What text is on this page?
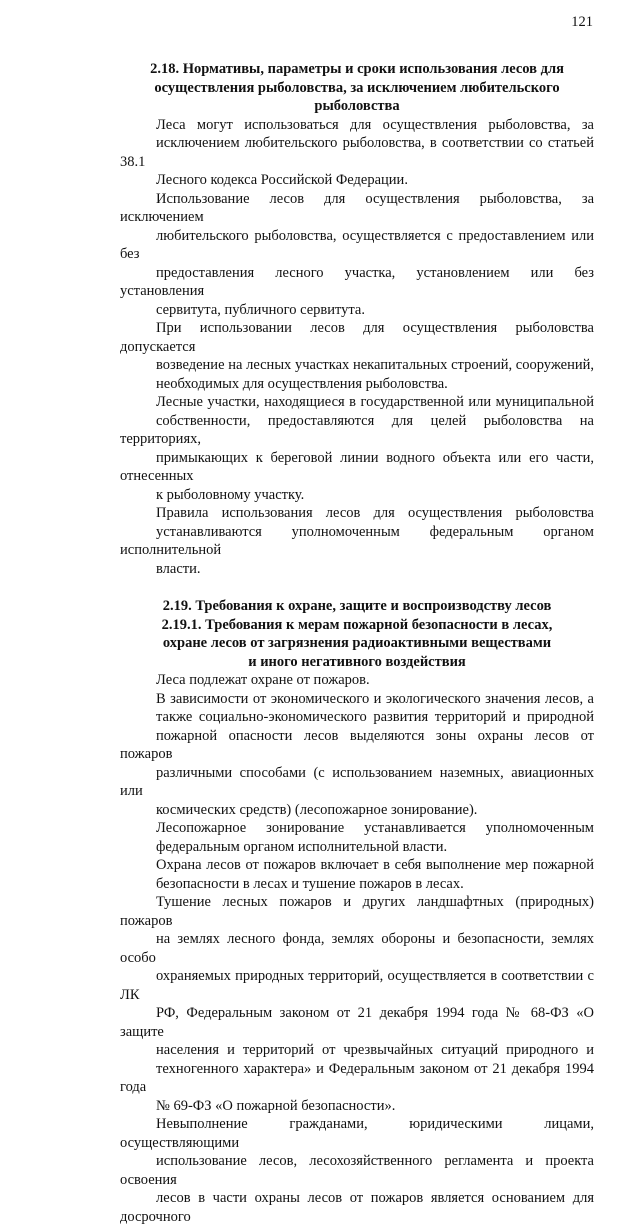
121
2.18. Нормативы, параметры и сроки использования лесов для
осуществления рыболовства, за исключением любительского
рыболовства
Леса могут использоваться для осуществления рыболовства, за
исключением любительского рыболовства, в соответствии со статьей 38.1
Лесного кодекса Российской Федерации.
Использование лесов для осуществления рыболовства, за исключением
любительского рыболовства, осуществляется с предоставлением или без
предоставления лесного участка, установлением или без установления
сервитута, публичного сервитута.
При использовании лесов для осуществления рыболовства допускается
возведение на лесных участках некапитальных строений, сооружений,
необходимых для осуществления рыболовства.
Лесные участки, находящиеся в государственной или муниципальной
собственности, предоставляются для целей рыболовства на территориях,
примыкающих к береговой линии водного объекта или его части, отнесенных
к рыболовному участку.
Правила использования лесов для осуществления рыболовства
устанавливаются уполномоченным федеральным органом исполнительной
власти.
2.19. Требования к охране, защите и воспроизводству лесов
2.19.1. Требования к мерам пожарной безопасности в лесах,
охране лесов от загрязнения радиоактивными веществами
и иного негативного воздействия
Леса подлежат охране от пожаров.
В зависимости от экономического и экологического значения лесов, а
также социально-экономического развития территорий и природной
пожарной опасности лесов выделяются зоны охраны лесов от пожаров
различными способами (с использованием наземных, авиационных или
космических средств) (лесопожарное зонирование).
Лесопожарное зонирование устанавливается уполномоченным
федеральным органом исполнительной власти.
Охрана лесов от пожаров включает в себя выполнение мер пожарной
безопасности в лесах и тушение пожаров в лесах.
Тушение лесных пожаров и других ландшафтных (природных) пожаров
на землях лесного фонда, землях обороны и безопасности, землях особо
охраняемых природных территорий, осуществляется в соответствии с ЛК
РФ, Федеральным законом от 21 декабря 1994 года № 68-ФЗ «О защите
населения и территорий от чрезвычайных ситуаций природного и
техногенного характера» и Федеральным законом от 21 декабря 1994 года
№ 69-ФЗ «О пожарной безопасности».
Невыполнение гражданами, юридическими лицами, осуществляющими
использование лесов, лесохозяйственного регламента и проекта освоения
лесов в части охраны лесов от пожаров является основанием для досрочного
